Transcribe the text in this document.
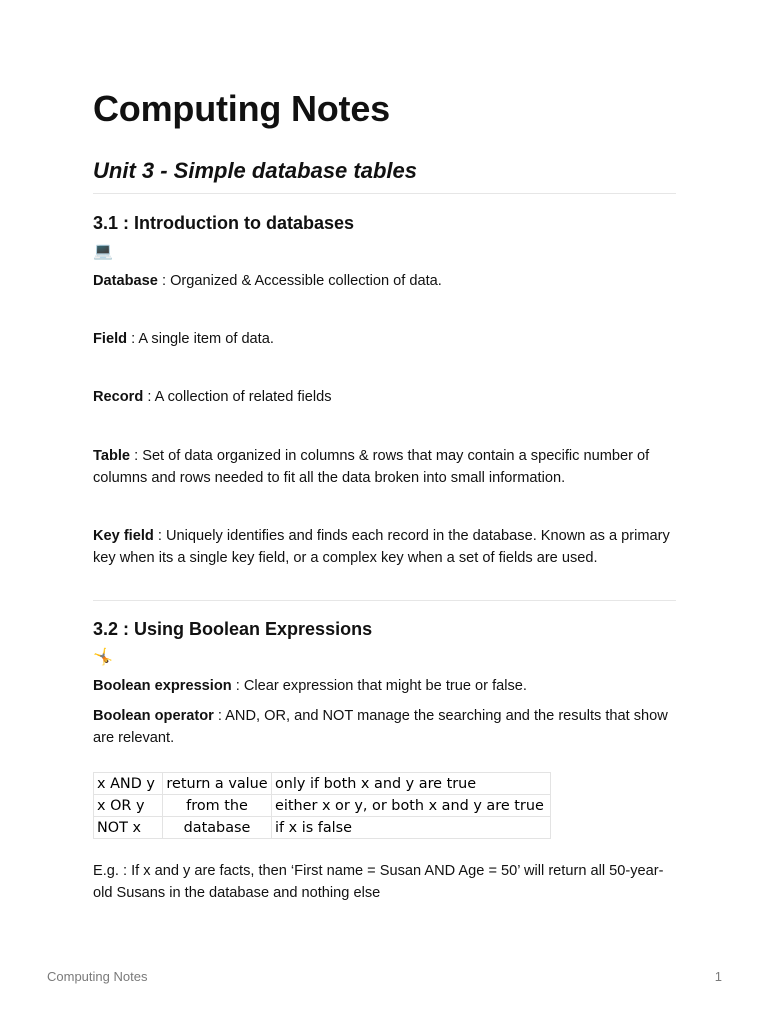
Computing Notes
Unit 3 - Simple database tables
3.1 : Introduction to databases
💻

Database : Organized & Accessible collection of data.

Field : A single item of data.

Record : A collection of related fields

Table : Set of data organized in columns & rows that may contain a specific number of columns and rows needed to fit all the data broken into small information.

Key field : Uniquely identifies and finds each record in the database. Known as a primary key when its a single key field, or a complex key when a set of fields are used.

3.2 : Using Boolean Expressions
🤸

Boolean expression : Clear expression that might be true or false.

Boolean operator : AND, OR, and NOT manage the searching and the results that show are relevant.

x AND y	return a value	only if both x and y are true
x OR y	from the	either x or y, or both x and y are true
NOT x	database	if x is false

E.g. : If x and y are facts, then ‘First name = Susan AND Age = 50’ will return all 50-year-old Susans in the database and nothing else

Computing Notes	1
